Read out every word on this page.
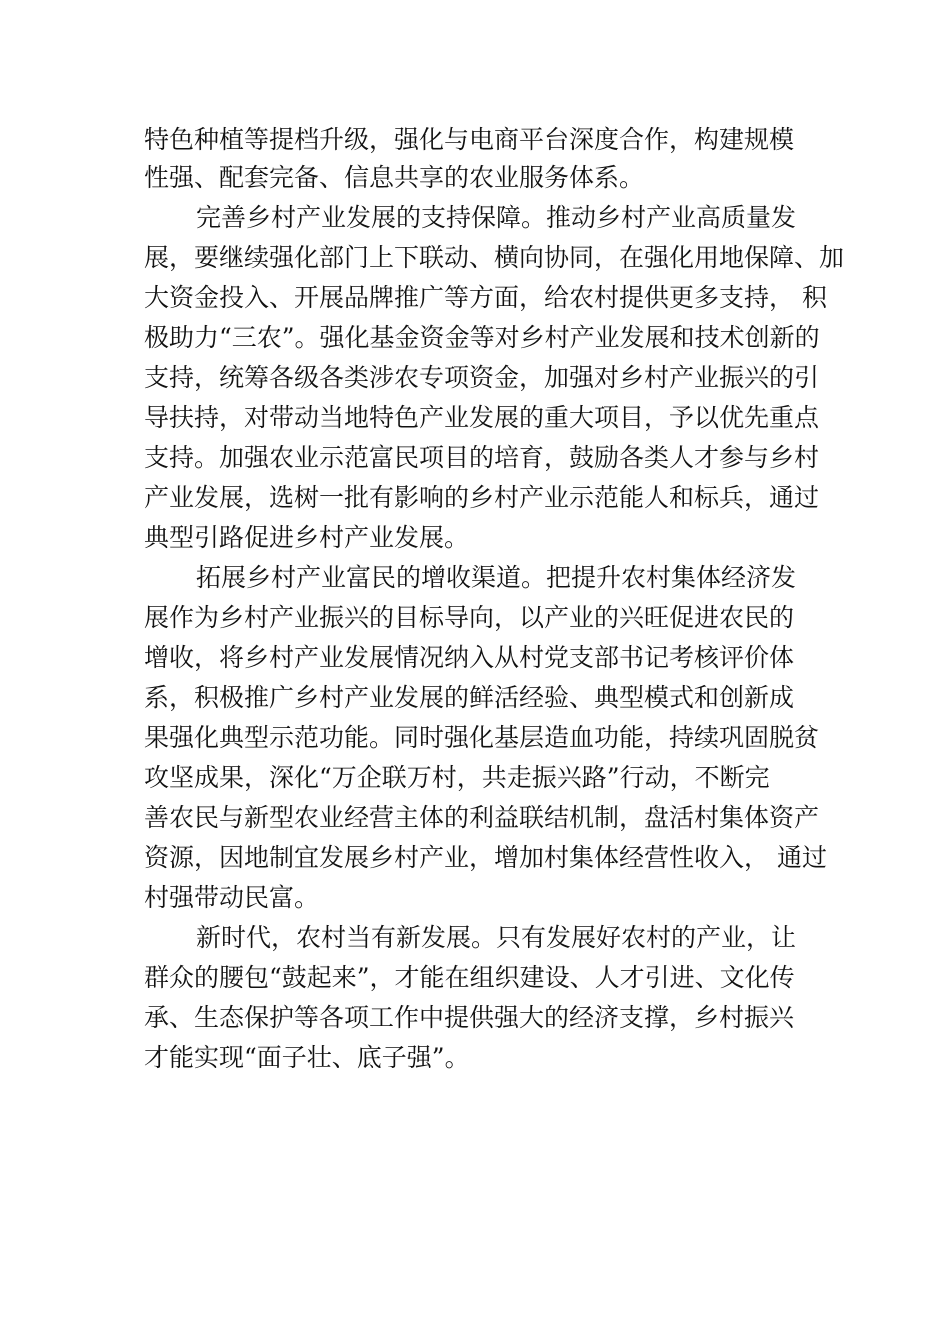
特色种植等提档升级，强化与电商平台深度合作，构建规模

性强、配套完备、信息共享的农业服务体系。

完善乡村产业发展的支持保障。推动乡村产业高质量发

展，要继续强化部门上下联动、横向协同，在强化用地保障、加

大资金投入、开展品牌推广等方面，给农村提供更多支持， 积

极助力“三农”。强化基金资金等对乡村产业发展和技术创新的

支持，统筹各级各类涉农专项资金，加强对乡村产业振兴的引

导扶持，对带动当地特色产业发展的重大项目，予以优先重点

支持。加强农业示范富民项目的培育，鼓励各类人才参与乡村

产业发展，选树一批有影响的乡村产业示范能人和标兵，通过

典型引路促进乡村产业发展。

拓展乡村产业富民的增收渠道。把提升农村集体经济发

展作为乡村产业振兴的目标导向，以产业的兴旺促进农民的

增收，将乡村产业发展情况纳入从村党支部书记考核评价体

系，积极推广乡村产业发展的鲜活经验、典型模式和创新成

果强化典型示范功能。同时强化基层造血功能，持续巩固脱贫

攻坚成果，深化“万企联万村，共走振兴路”行动，不断完

善农民与新型农业经营主体的利益联结机制，盘活村集体资产

资源，因地制宜发展乡村产业，增加村集体经营性收入， 通过

村强带动民富。

新时代，农村当有新发展。只有发展好农村的产业，让

群众的腰包“鼓起来”，才能在组织建设、人才引进、文化传

承、生态保护等各项工作中提供强大的经济支撑，乡村振兴

才能实现“面子壮、底子强”。
